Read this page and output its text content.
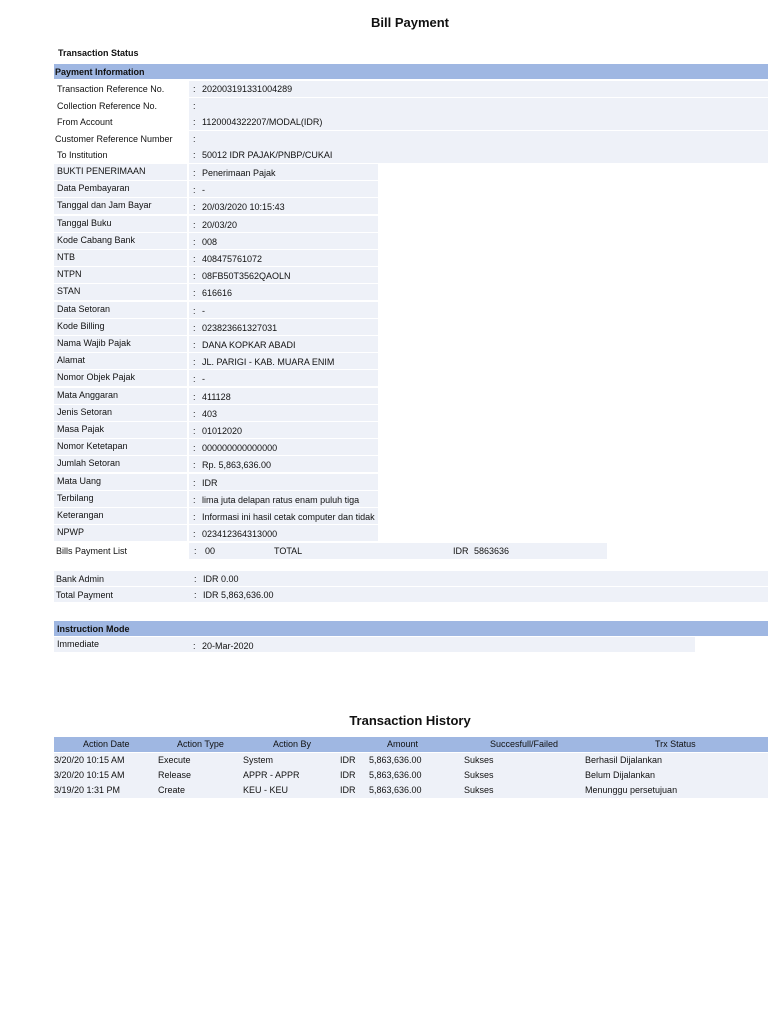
Bill Payment
Transaction Status
Payment Information
Transaction Reference No.	: 202003191331004289
Collection Reference No.	:
From Account	: 1120004322207/MODAL(IDR)
Customer Reference Number :
To Institution	: 50012 IDR PAJAK/PNBP/CUKAI
BUKTI PENERIMAAN	: Penerimaan Pajak
Data Pembayaran	: -
Tanggal dan Jam Bayar	: 20/03/2020 10:15:43
Tanggal Buku	: 20/03/20
Kode Cabang Bank	: 008
NTB	: 408475761072
NTPN	: 08FB50T3562QAOLN
STAN	: 616616
Data Setoran	: -
Kode Billing	: 023823661327031
Nama Wajib Pajak	: DANA KOPKAR ABADI
Alamat	: JL. PARIGI - KAB. MUARA ENIM
Nomor Objek Pajak	: -
Mata Anggaran	: 411128
Jenis Setoran	: 403
Masa Pajak	: 01012020
Nomor Ketetapan	: 000000000000000
Jumlah Setoran	: Rp. 5,863,636.00
Mata Uang	: IDR
Terbilang	: lima juta delapan ratus enam puluh tiga
Keterangan	: Informasi ini hasil cetak computer dan tidak
NPWP	: 023412364313000
Bills Payment List	: 00	TOTAL	IDR 5863636
Bank Admin	: IDR 0.00
Total Payment	: IDR 5,863,636.00
Instruction Mode
Immediate	: 20-Mar-2020
Transaction History
Action Date	Action Type	Action By	Amount	Succesfull/Failed	Trx Status
3/20/20 10:15 AM	Execute	System	IDR 5,863,636.00	Sukses	Berhasil Dijalankan
3/20/20 10:15 AM	Release	APPR - APPR	IDR 5,863,636.00	Sukses	Belum Dijalankan
3/19/20 1:31 PM	Create	KEU - KEU	IDR 5,863,636.00	Sukses	Menunggu persetujuan
